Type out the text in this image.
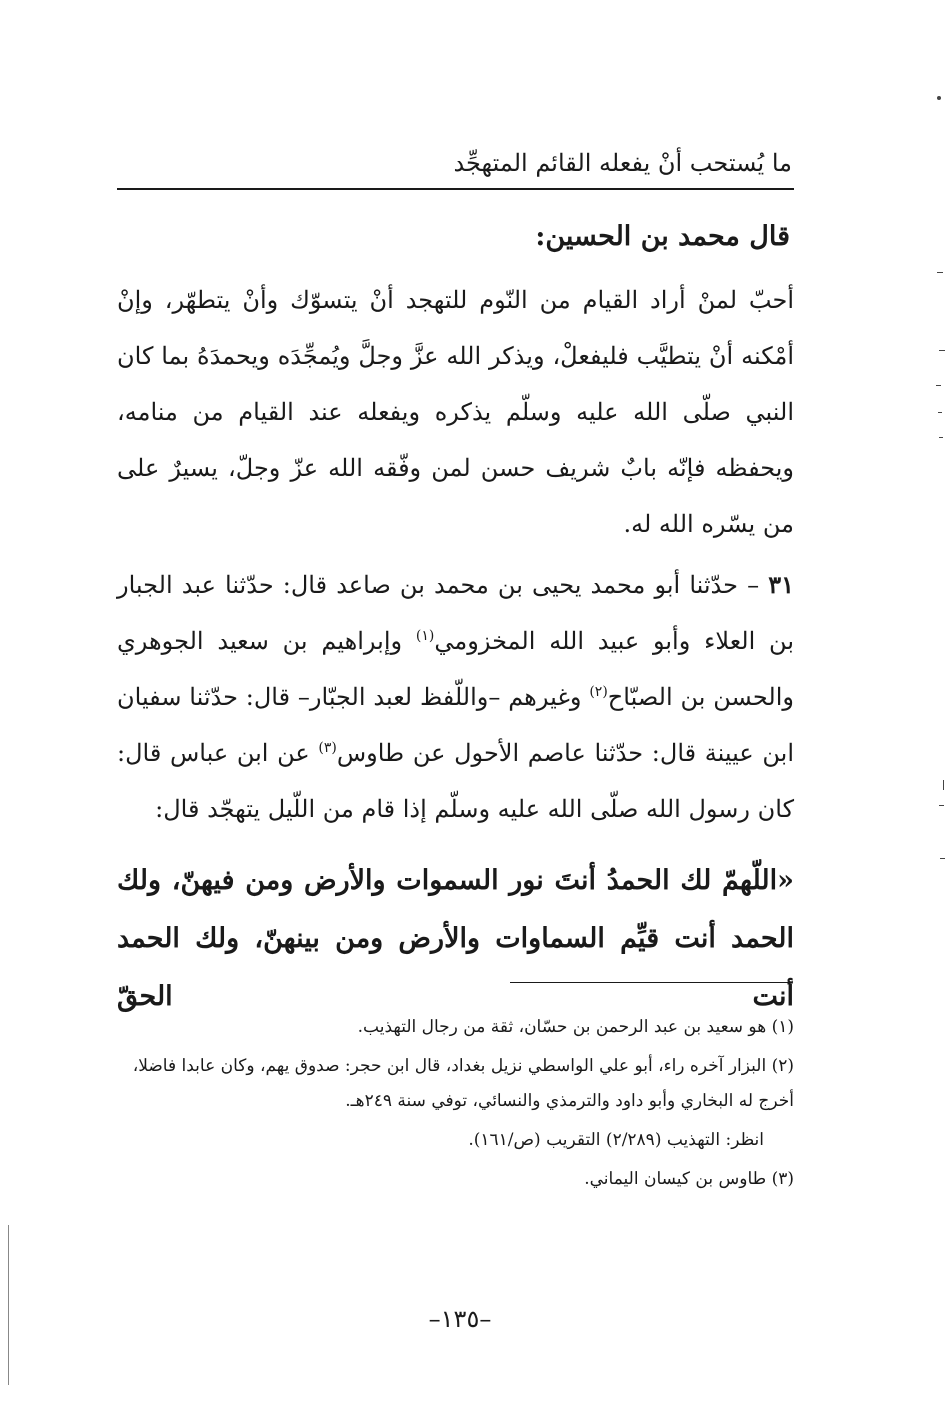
ما يُستحب أنْ يفعله القائم المتهجِّد
قال محمد بن الحسين:
أحبّ لمنْ أراد القيام من النّوم للتهجد أنْ يتسوّك وأنْ يتطهّر، وإنْ أمْكنه أنْ يتطيَّب فليفعلْ، ويذكر الله عزَّ وجلَّ ويُمجِّدَه ويحمدَهُ بما كان النبي صلّى الله عليه وسلّم يذكره ويفعله عند القيام من منامه، ويحفظه فإنّه بابٌ شريف حسن لمن وفّقه الله عزّ وجلّ، يسيرٌ على من يسّره الله له.
٣١ – حدّثنا أبو محمد يحيى بن محمد بن صاعد قال: حدّثنا عبد الجبار بن العلاء وأبو عبيد الله المخزومي$^{(١)}$ وإبراهيم بن سعيد الجوهري والحسن بن الصبّاح$^{(٢)}$ وغيرهم –واللّفظ لعبد الجبّار– قال: حدّثنا سفيان ابن عيينة قال: حدّثنا عاصم الأحول عن طاوس$^{(٣)}$ عن ابن عباس قال: كان رسول الله صلّى الله عليه وسلّم إذا قام من اللّيل يتهجّد قال:
«اللّهمّ لك الحمدُ أنتَ نور السموات والأرض ومن فيهنّ، ولك الحمد أنت قيِّم السماوات والأرض ومن بينهنّ، ولك الحمد أنت الحقّ

(١) هو سعيد بن عبد الرحمن بن حسّان، ثقة من رجال التهذيب.

(٢) البزار آخره راء، أبو علي الواسطي نزيل بغداد، قال ابن حجر: صدوق يهم، وكان عابدا فاضلا، أخرج له البخاري وأبو داود والترمذي والنسائي، توفي سنة ٢٤٩هـ.

انظر: التهذيب (٢/٢٨٩) التقريب (ص/١٦١).

(٣) طاوس بن كيسان اليماني.

–١٣٥–
